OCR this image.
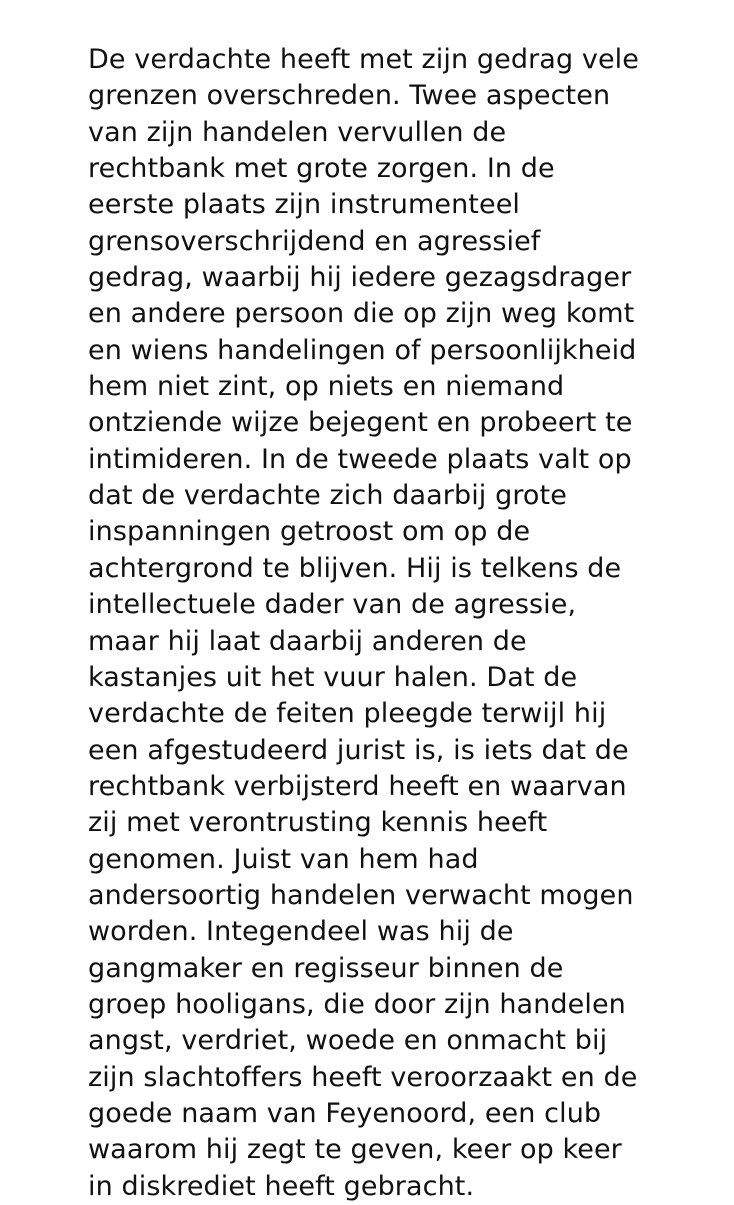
De verdachte heeft met zijn gedrag vele
grenzen overschreden. Twee aspecten
van zijn handelen vervullen de
rechtbank met grote zorgen. In de
eerste plaats zijn instrumenteel
grensoverschrijdend en agressief
gedrag, waarbij hij iedere gezagsdrager
en andere persoon die op zijn weg komt
en wiens handelingen of persoonlijkheid
hem niet zint, op niets en niemand
ontziende wijze bejegent en probeert te
intimideren. In de tweede plaats valt op
dat de verdachte zich daarbij grote
inspanningen getroost om op de
achtergrond te blijven. Hij is telkens de
intellectuele dader van de agressie,
maar hij laat daarbij anderen de
kastanjes uit het vuur halen. Dat de
verdachte de feiten pleegde terwijl hij
een afgestudeerd jurist is, is iets dat de
rechtbank verbijsterd heeft en waarvan
zij met verontrusting kennis heeft
genomen. Juist van hem had
andersoortig handelen verwacht mogen
worden. Integendeel was hij de
gangmaker en regisseur binnen de
groep hooligans, die door zijn handelen
angst, verdriet, woede en onmacht bij
zijn slachtoffers heeft veroorzaakt en de
goede naam van Feyenoord, een club
waarom hij zegt te geven, keer op keer
in diskrediet heeft gebracht.
